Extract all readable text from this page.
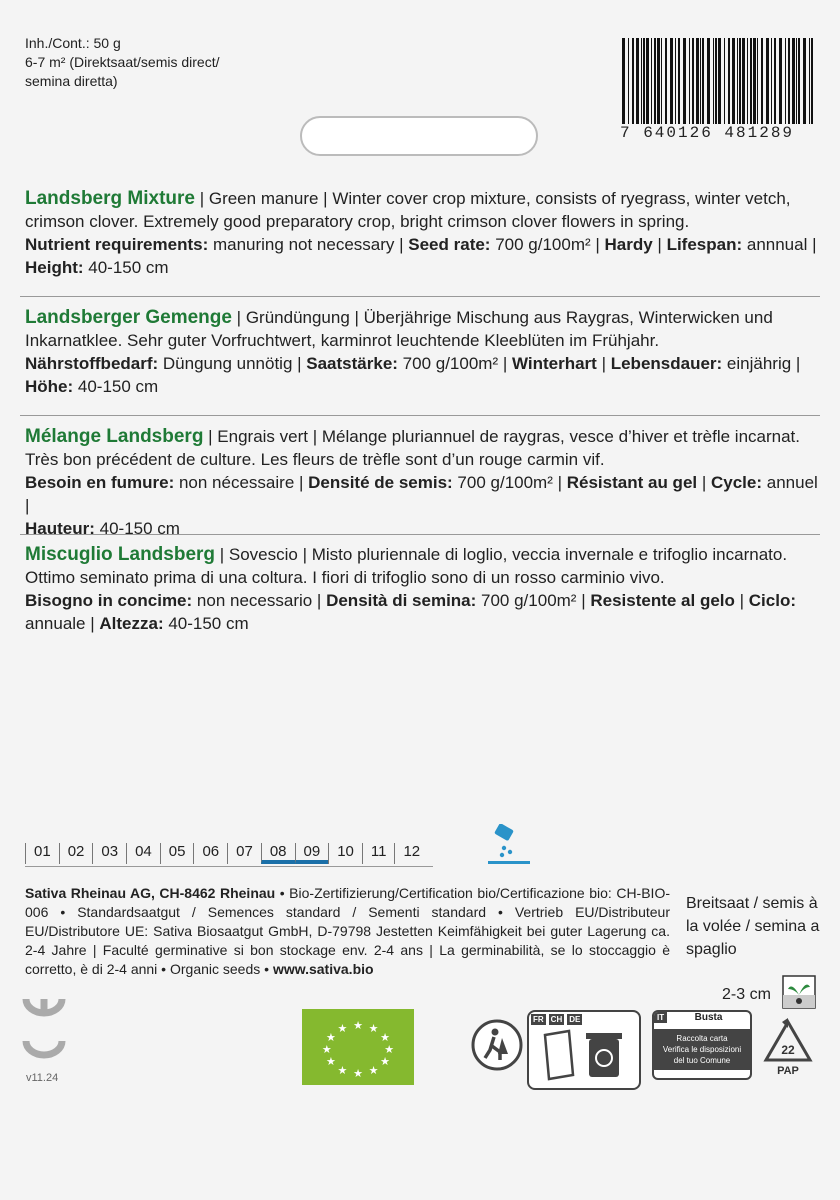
Inh./Cont.: 50 g
6-7 m² (Direktsaat/semis direct/
semina diretta)
7 640126 481289
Landsberg Mixture | Green manure | Winter cover crop mixture, consists of ryegrass, winter vetch,
crimson clover. Extremely good preparatory crop, bright crimson clover flowers in spring.
Nutrient requirements: manuring not necessary | Seed rate: 700 g/100m² | Hardy | Lifespan: annnual |
Height: 40-150 cm
Landsberger Gemenge | Gründüngung | Überjährige Mischung aus Raygras, Winterwicken und
Inkarnatklee. Sehr guter Vorfruchtwert, karminrot leuchtende Kleeblüten im Frühjahr.
Nährstoffbedarf: Düngung unnötig | Saatstärke: 700 g/100m² | Winterhart | Lebensdauer: einjährig |
Höhe: 40-150 cm
Mélange Landsberg | Engrais vert | Mélange pluriannuel de raygras, vesce d’hiver et trèfle incarnat.
Très bon précédent de culture. Les fleurs de trèfle sont d’un rouge carmin vif.
Besoin en fumure: non nécessaire | Densité de semis: 700 g/100m² | Résistant au gel | Cycle: annuel |
Hauteur: 40-150 cm
Miscuglio Landsberg | Sovescio | Misto pluriennale di loglio, veccia invernale e trifoglio incarnato.
Ottimo seminato prima di una coltura. I fiori di trifoglio sono di un rosso carminio vivo.
Bisogno in concime: non necessario | Densità di semina: 700 g/100m² | Resistente al gelo | Ciclo:
annuale | Altezza: 40-150 cm
01	02	03	04	05	06	07	08	09	10	11	12
Sativa Rheinau AG, CH-8462 Rheinau • Bio-Zertifizierung/Certification bio/Certificazione bio: CH-BIO-006 • Standardsaatgut / Semences standard / Sementi standard • Vertrieb EU/Distributeur EU/Distributore UE: Sativa Biosaatgut GmbH, D-79798 Jestetten Keimfähigkeit bei guter Lagerung ca. 2-4 Jahre | Faculté germinative si bon stockage env. 2-4 ans | La germinabilità, se lo stoccaggio è corretto, è di 2-4 anni • Organic seeds • www.sativa.bio
Breitsaat / semis à la volée / semina a spaglio
2-3 cm
v11.24
★
★
★
★
★
★
★
★
★ ★ ★
★
FR CH DE	IT	Busta
Raccolta carta
Verifica le disposizioni
del tuo Comune
22
PAP
